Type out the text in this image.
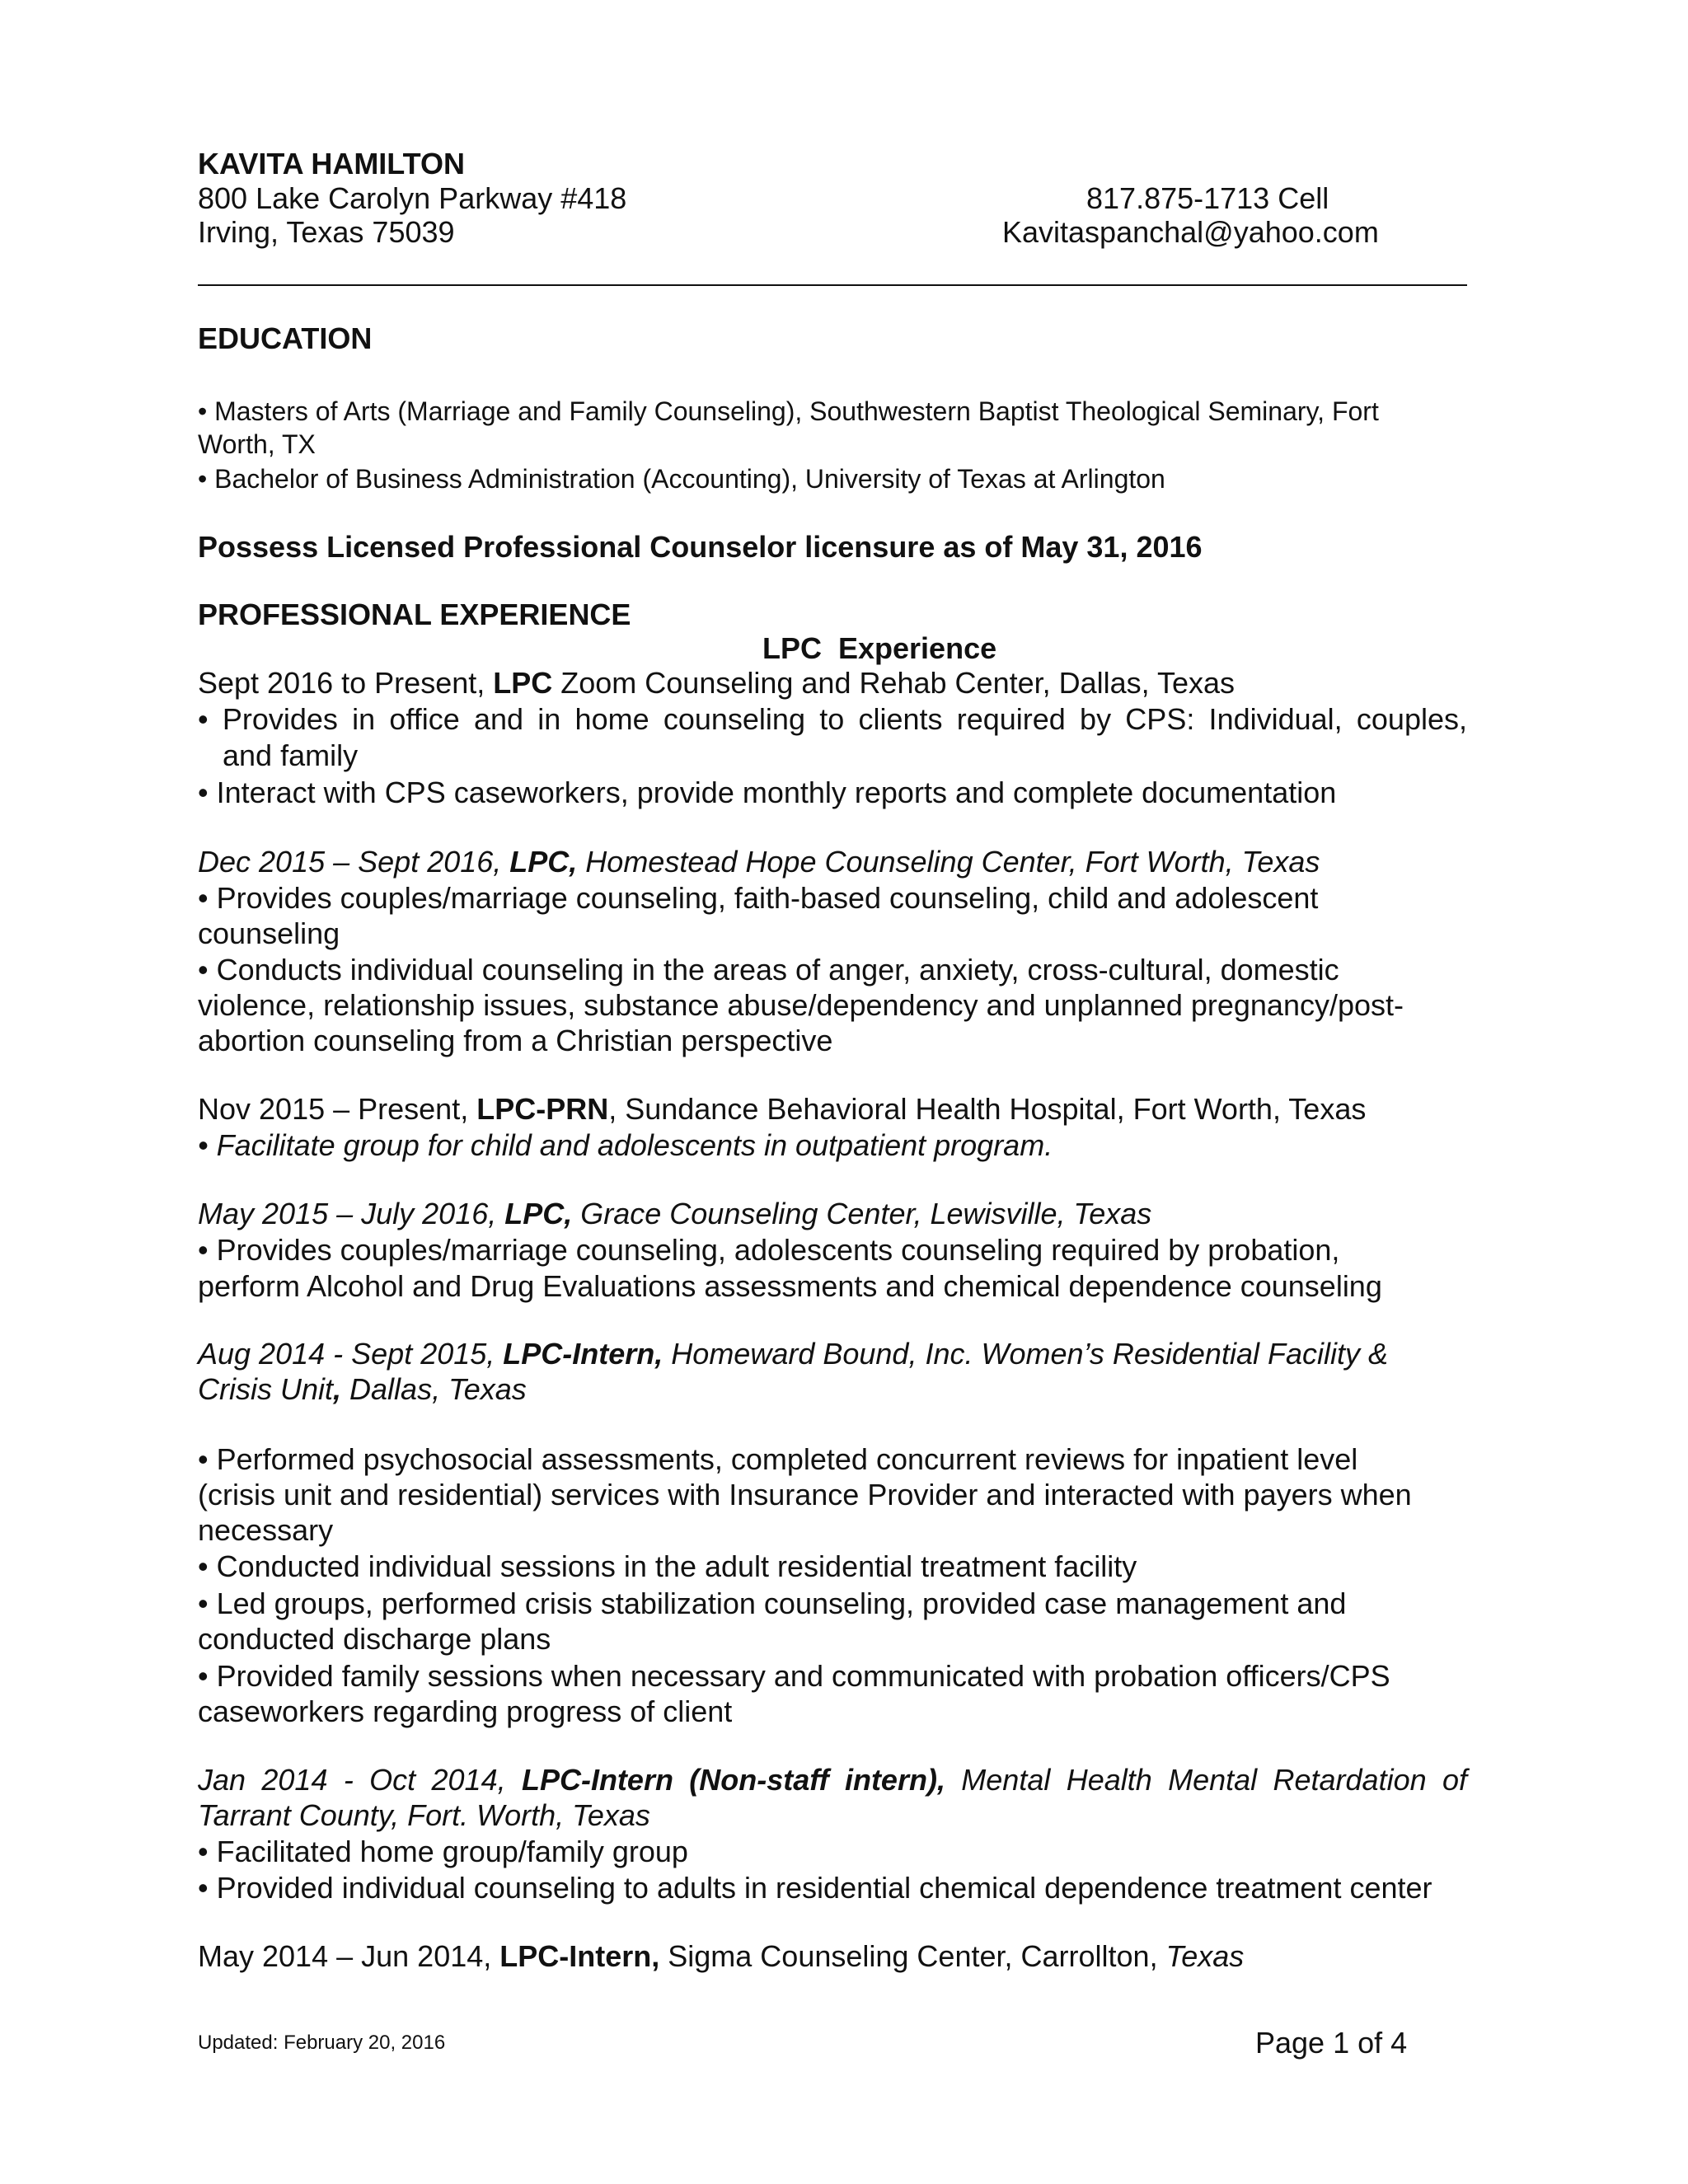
KAVITA HAMILTON
800 Lake Carolyn Parkway #418	817.875-1713 Cell
Irving, Texas 75039	Kavitaspanchal@yahoo.com
EDUCATION
• Masters of Arts (Marriage and Family Counseling), Southwestern Baptist Theological Seminary, Fort
Worth, TX
• Bachelor of Business Administration (Accounting), University of Texas at Arlington
Possess Licensed Professional Counselor licensure as of May 31, 2016
PROFESSIONAL EXPERIENCE
LPC  Experience
Sept 2016 to Present, LPC Zoom Counseling and Rehab Center, Dallas, Texas
• Provides in office and in home counseling to clients required by CPS: Individual, couples,
and family
• Interact with CPS caseworkers, provide monthly reports and complete documentation
Dec 2015 – Sept 2016, LPC, Homestead Hope Counseling Center, Fort Worth, Texas
• Provides couples/marriage counseling, faith-based counseling, child and adolescent
counseling
• Conducts individual counseling in the areas of anger, anxiety, cross-cultural, domestic
violence, relationship issues, substance abuse/dependency and unplanned pregnancy/post-
abortion counseling from a Christian perspective
Nov 2015 – Present, LPC-PRN, Sundance Behavioral Health Hospital, Fort Worth, Texas
• Facilitate group for child and adolescents in outpatient program.
May 2015 – July 2016, LPC, Grace Counseling Center, Lewisville, Texas
• Provides couples/marriage counseling, adolescents counseling required by probation,
perform Alcohol and Drug Evaluations assessments and chemical dependence counseling
Aug 2014 - Sept 2015, LPC-Intern, Homeward Bound, Inc. Women’s Residential Facility &
Crisis Unit, Dallas, Texas
• Performed psychosocial assessments, completed concurrent reviews for inpatient level
(crisis unit and residential) services with Insurance Provider and interacted with payers when
necessary
• Conducted individual sessions in the adult residential treatment facility
• Led groups, performed crisis stabilization counseling, provided case management and
conducted discharge plans
• Provided family sessions when necessary and communicated with probation officers/CPS
caseworkers regarding progress of client
Jan 2014 - Oct 2014, LPC-Intern (Non-staff intern), Mental Health Mental Retardation of
Tarrant County, Fort. Worth, Texas
• Facilitated home group/family group
• Provided individual counseling to adults in residential chemical dependence treatment center
May 2014 – Jun 2014, LPC-Intern, Sigma Counseling Center, Carrollton, Texas
Updated: February 20, 2016	Page 1 of 4
